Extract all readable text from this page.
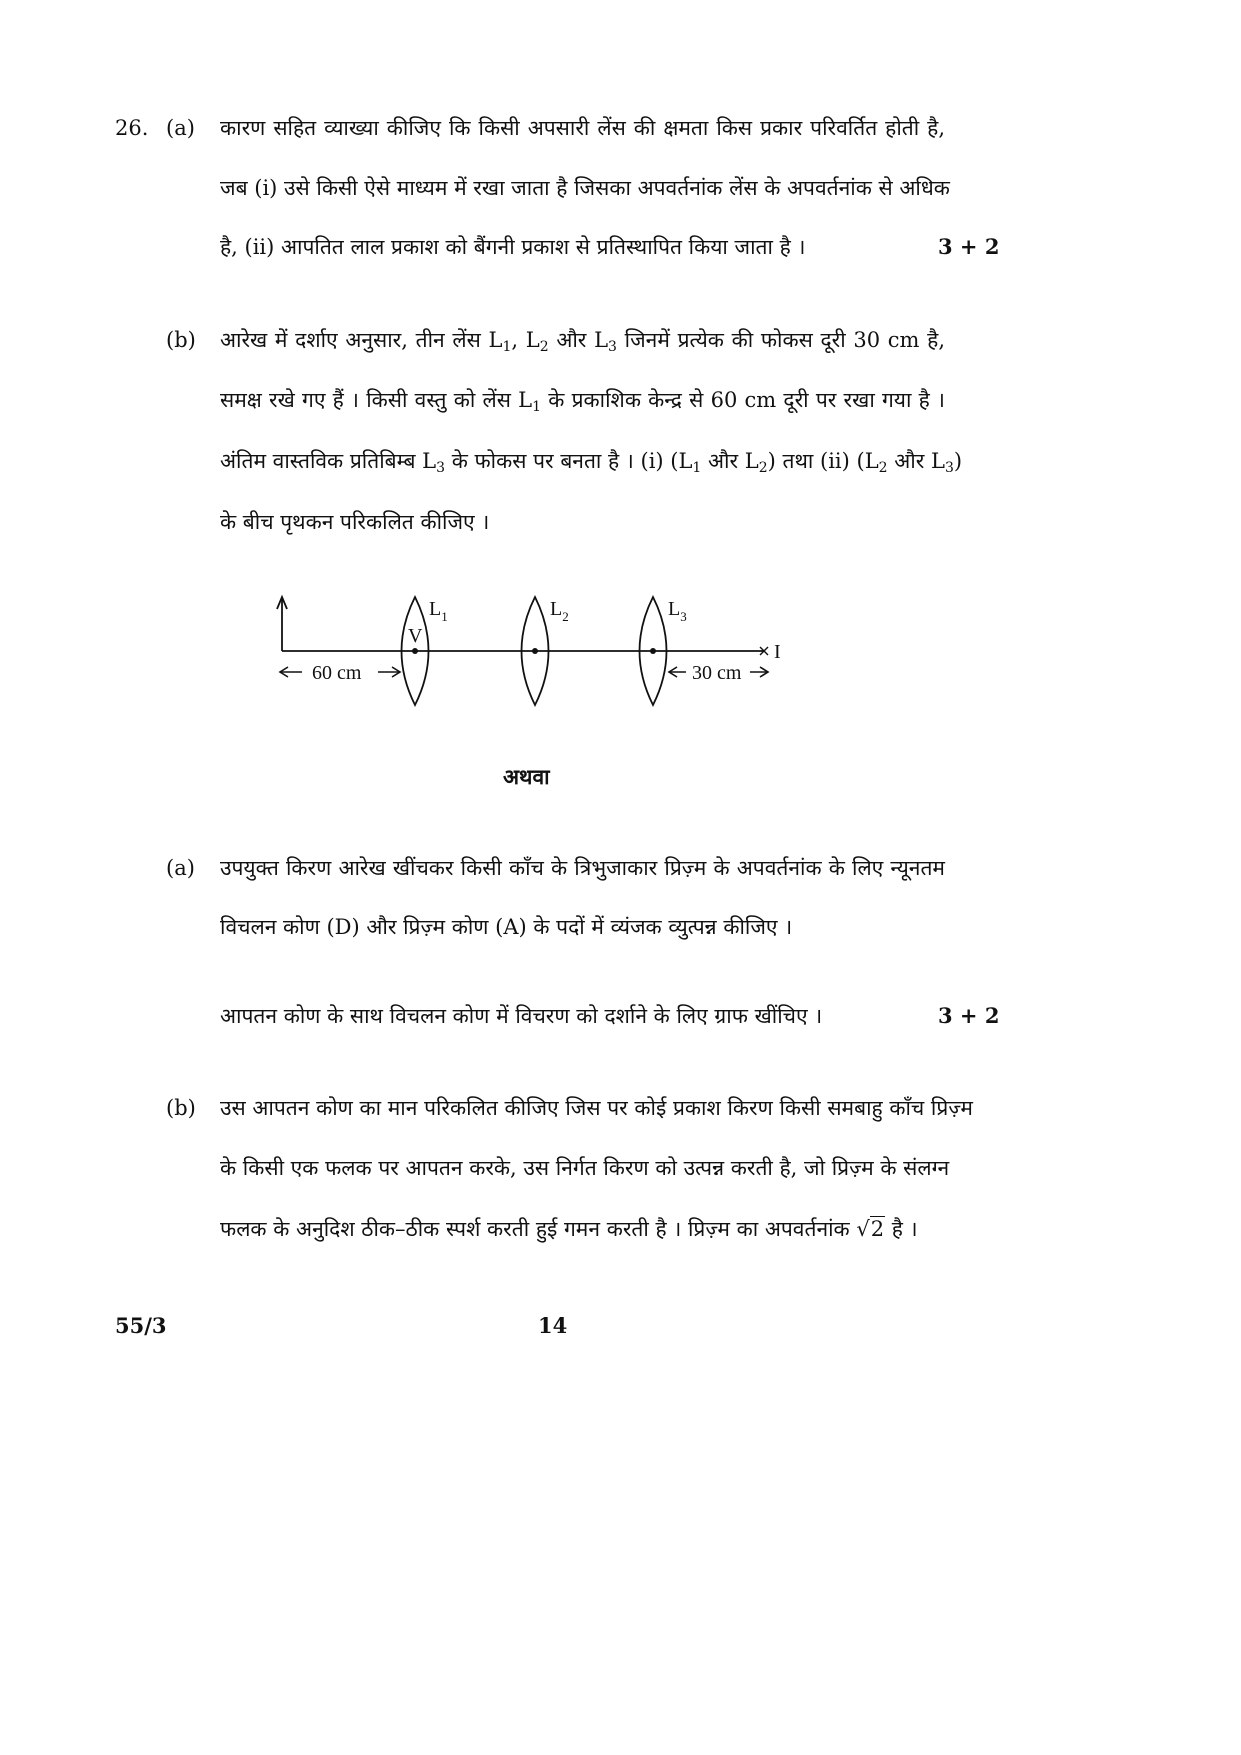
26. (a) कारण सहित व्याख्या कीजिए कि किसी अपसारी लेंस की क्षमता किस प्रकार परिवर्तित होती है,
जब (i) उसे किसी ऐसे माध्यम में रखा जाता है जिसका अपवर्तनांक लेंस के अपवर्तनांक से अधिक
है, (ii) आपतित लाल प्रकाश को बैंगनी प्रकाश से प्रतिस्थापित किया जाता है ।	3 + 2
(b) आरेख में दर्शाए अनुसार, तीन लेंस $L_1$, $L_2$ और $L_3$ जिनमें प्रत्येक की फोकस दूरी 30 cm है,
समक्ष रखे गए हैं । किसी वस्तु को लेंस $L_1$ के प्रकाशिक केन्द्र से 60 cm दूरी पर रखा गया है ।
अंतिम वास्तविक प्रतिबिम्ब $L_3$ के फोकस पर बनता है । (i) ($L_1$ और $L_2$) तथा (ii) ($L_2$ और $L_3$)
के बीच पृथकन परिकलित कीजिए ।
I
V
$L_1$	$L_2$	$L_3$
60 cm	30 cm
अथवा
(a) उपयुक्त किरण आरेख खींचकर किसी काँच के त्रिभुजाकार प्रिज़्म के अपवर्तनांक के लिए न्यूनतम
विचलन कोण (D) और प्रिज़्म कोण (A) के पदों में व्यंजक व्युत्पन्न कीजिए ।
आपतन कोण के साथ विचलन कोण में विचरण को दर्शाने के लिए ग्राफ खींचिए ।	3 + 2
(b) उस आपतन कोण का मान परिकलित कीजिए जिस पर कोई प्रकाश किरण किसी समबाहु काँच प्रिज़्म
के किसी एक फलक पर आपतन करके, उस निर्गत किरण को उत्पन्न करती है, जो प्रिज़्म के संलग्न
फलक के अनुदिश ठीक–ठीक स्पर्श करती हुई गमन करती है । प्रिज़्म का अपवर्तनांक √2 है ।
55/3	14
